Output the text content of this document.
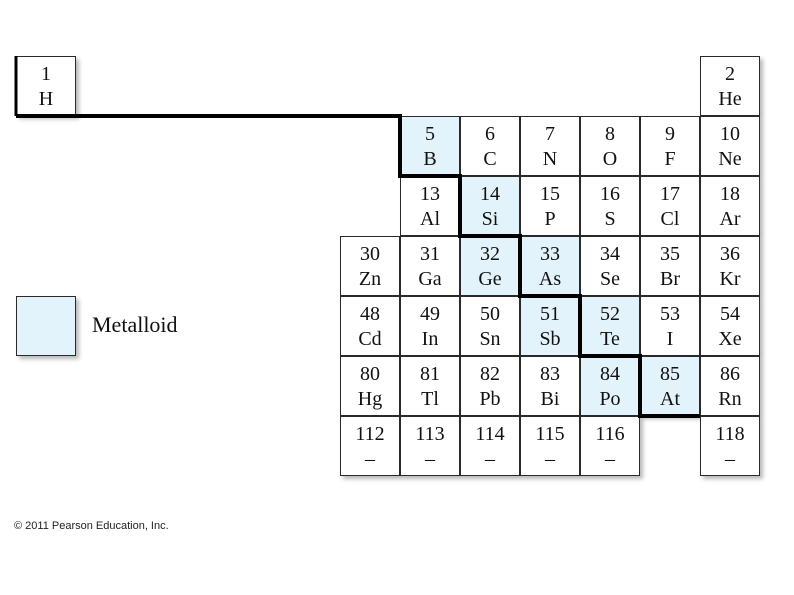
1
H
2
He
5
B
6
C
7
N
8
O
9
F
10
Ne
13
Al
14
Si
15
P
16
S
17
Cl
18
Ar
30
Zn
31
Ga
32
Ge
33
As
34
Se
35
Br
36
Kr
48
Cd
49
In
50
Sn
51
Sb
52
Te
53
I
54
Xe
80
Hg
81
Tl
82
Pb
83
Bi
84
Po
85
At
86
Rn
112
–
113
–
114
–
115
–
116
–
118
–
Metalloid
© 2011 Pearson Education, Inc.
